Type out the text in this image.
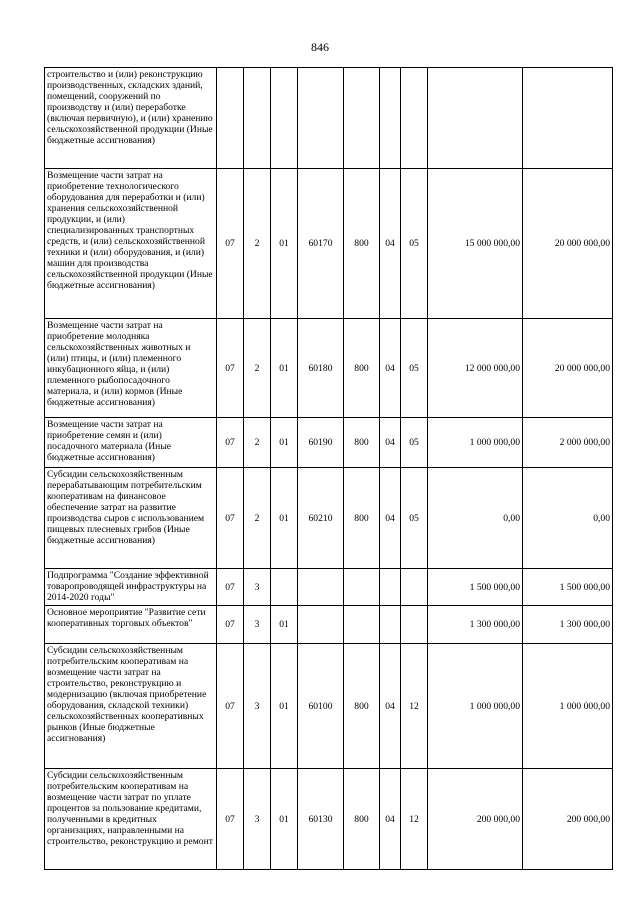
846
строительство и (или) реконструкцию производственных, складских зданий, помещений, сооружений по производству и (или) переработке (включая первичную), и (или) хранению сельскохозяйственной продукции (Иные бюджетные ассигнования)									
Возмещение части затрат на приобретение технологического оборудования для переработки и (или) хранения сельскохозяйственной продукции, и (или) специализированных транспортных средств, и (или) сельскохозяйственной техники и (или) оборудования, и (или) машин для производства сельскохозяйственной продукции (Иные бюджетные ассигнования)	07	2	01	60170	800	04	05	15 000 000,00	20 000 000,00
Возмещение части затрат на приобретение молодняка сельскохозяйственных животных и (или) птицы, и (или) племенного инкубационного яйца, и (или) племенного рыбопосадочного материала, и (или) кормов (Иные бюджетные ассигнования)	07	2	01	60180	800	04	05	12 000 000,00	20 000 000,00
Возмещение части затрат на приобретение семян и (или) посадочного материала (Иные бюджетные ассигнования)	07	2	01	60190	800	04	05	1 000 000,00	2 000 000,00
Субсидии сельскохозяйственным перерабатывающим потребительским кооперативам на финансовое обеспечение затрат на развитие производства сыров с использованием пищевых плесневых грибов (Иные бюджетные ассигнования)	07	2	01	60210	800	04	05	0,00	0,00
Подпрограмма "Создание эффективной товаропроводящей инфраструктуры на 2014-2020 годы"	07	3						1 500 000,00	1 500 000,00
Основное мероприятие "Развитие сети кооперативных торговых объектов"	07	3	01					1 300 000,00	1 300 000,00
Субсидии сельскохозяйственным потребительским кооперативам на возмещение части затрат на строительство, реконструкцию и модернизацию (включая приобретение оборудования, складской техники) сельскохозяйственных кооперативных рынков (Иные бюджетные ассигнования)	07	3	01	60100	800	04	12	1 000 000,00	1 000 000,00
Субсидии сельскохозяйственным потребительским кооперативам на возмещение части затрат по уплате процентов за пользование кредитами, полученными в кредитных организациях, направленными на строительство, реконструкцию и ремонт	07	3	01	60130	800	04	12	200 000,00	200 000,00
